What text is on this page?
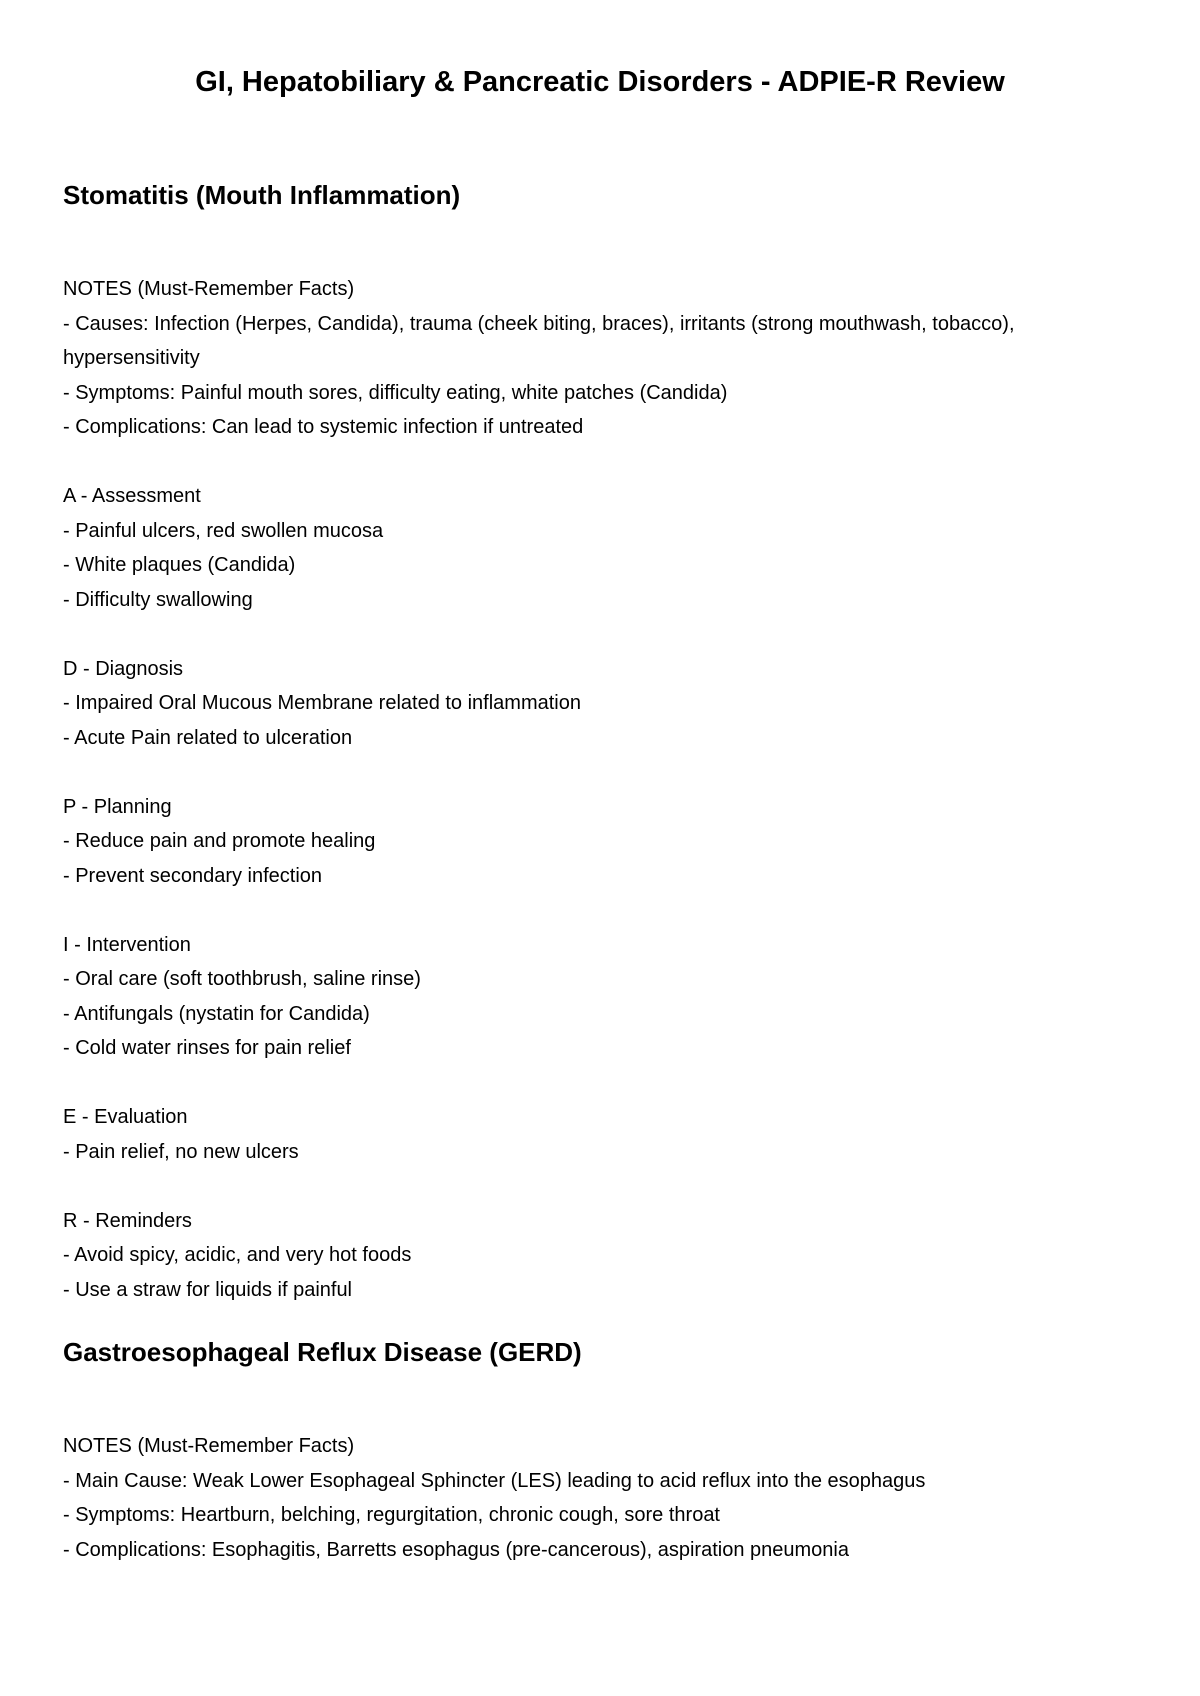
GI, Hepatobiliary & Pancreatic Disorders - ADPIE-R Review
Stomatitis (Mouth Inflammation)

NOTES (Must-Remember Facts)

- Causes: Infection (Herpes, Candida), trauma (cheek biting, braces), irritants (strong mouthwash, tobacco),

hypersensitivity

- Symptoms: Painful mouth sores, difficulty eating, white patches (Candida)

- Complications: Can lead to systemic infection if untreated

A - Assessment

- Painful ulcers, red swollen mucosa

- White plaques (Candida)

- Difficulty swallowing

D - Diagnosis

- Impaired Oral Mucous Membrane related to inflammation

- Acute Pain related to ulceration

P - Planning

- Reduce pain and promote healing

- Prevent secondary infection

I - Intervention

- Oral care (soft toothbrush, saline rinse)

- Antifungals (nystatin for Candida)

- Cold water rinses for pain relief

E - Evaluation

- Pain relief, no new ulcers

R - Reminders

- Avoid spicy, acidic, and very hot foods

- Use a straw for liquids if painful

Gastroesophageal Reflux Disease (GERD)

NOTES (Must-Remember Facts)

- Main Cause: Weak Lower Esophageal Sphincter (LES) leading to acid reflux into the esophagus

- Symptoms: Heartburn, belching, regurgitation, chronic cough, sore throat

- Complications: Esophagitis, Barretts esophagus (pre-cancerous), aspiration pneumonia
